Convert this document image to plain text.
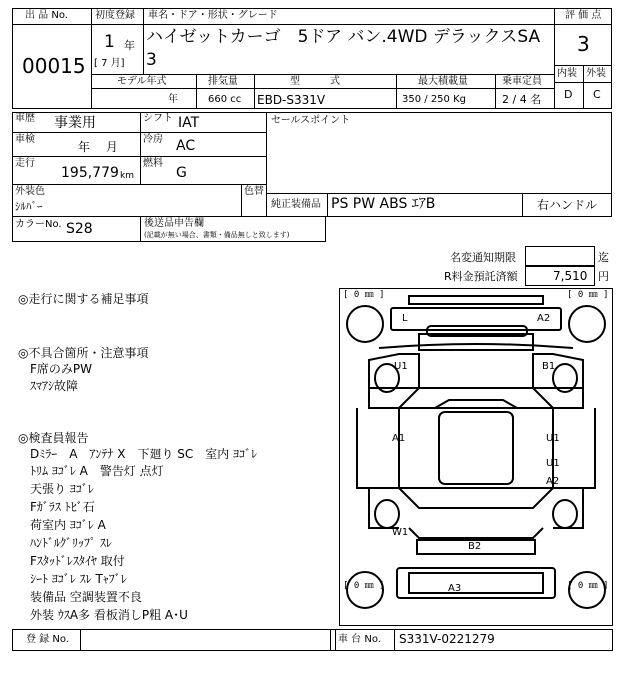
出 品 No.
00015
初度登録
1 年
[ 7 月]
車名・ドア・形状・グレード
ハイゼットカーゴ　5ドア バン.4WD デラックスSA
3
評 価 点
3
内装 外装
D C
モデル年式
年
排気量
660 cc
型　　　式
EBD-S331V
最大積載量
350 / 250 Kg
乗車定員
2 / 4 名
車歴 事業用	シフト IAT
車検
年　 月
冷房 AC
走行
195,779 km
燃料
G
外装色
ｼﾙﾊﾞｰ
色替
セールスポイント
純正装備品 PS PW ABS ｴｱB	右ハンドル
カラーNo. S28	後送品申告欄
(記載が無い場合、書類・備品無しと致します)
名変通知期限	迄
R料金預託済額	7,510 円
◎走行に関する補足事項
◎不具合箇所・注意事項
F席のみPW
ｽﾏｱｼ故障
◎検査員報告
Dﾐﾗｰ　A　ｱﾝﾃﾅ X　下廻り SC　室内 ﾖｺﾞﾚ
ﾄﾘﾑ ﾖｺﾞﾚ A　警告灯 点灯
天張り ﾖｺﾞﾚ
Fｶﾞﾗｽ ﾄﾋﾞ石
荷室内 ﾖｺﾞﾚ A
ﾊﾝﾄﾞﾙｸﾞﾘｯﾌﾟ ｽﾚ
Fｽﾀｯﾄﾞﾚｽﾀｲﾔ 取付
ｼｰﾄ ﾖｺﾞﾚ ｽﾚ Tｬﾌﾞﾚ
装備品 空調装置不良
外装 ｳｽA多 看板消しP粗 A･U
[ 0 ㎜ ]	[ 0 ㎜ ]
[ 0 ㎜ ]	[ 0 ㎜ ]
L	A2
U1	B1
A1	U1
U1
A2
W1
B2
A3
登 録 No.	車 台 No. S331V-0221279
